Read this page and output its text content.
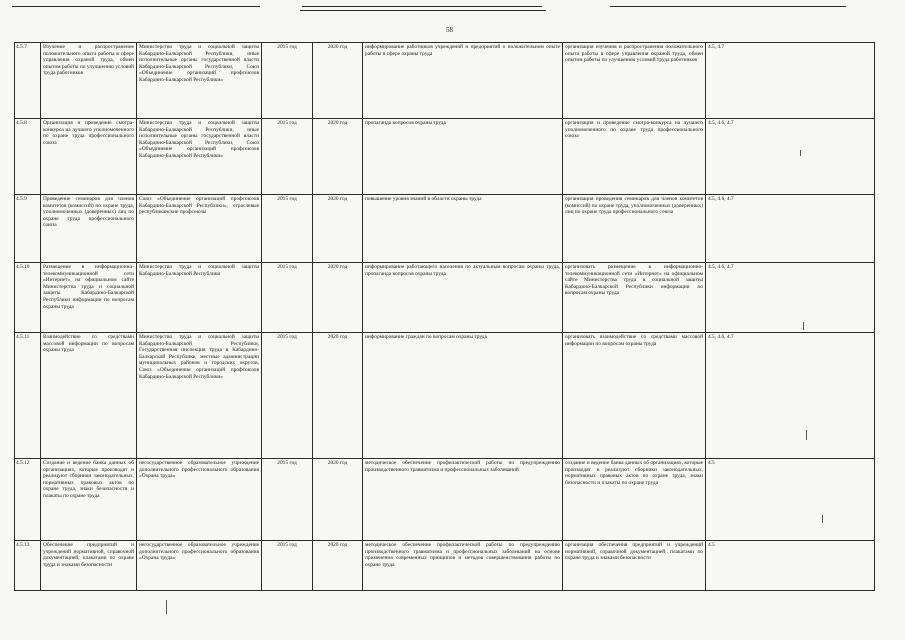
58
4.5.7	Изучение и распространение положительного опыта работы в сфере управления охраной труда, обмен опытом работы по улучшению условий труда работников	Министерство труда и социальной защиты Кабардино-Балкарской Республики, иные исполнительные органы государственной власти Кабардино-Балкарской Республики, Союз «Объединение организаций профсоюзов Кабардино-Балкарской Республики»	2015 год	2020 год	информирование работников учреждений и предприятий о положительном опыте работы в сфере охраны труда	организация изучения и распространения положительного опыта работы в сфере управления охраной труда, обмен опытом работы по улучшению условий труда работников	4.5, 4.7
4.5.8	Организация и проведение смотра-конкурса на лучшего уполномоченного по охране труда профессионального союза	Министерство труда и социальной защиты Кабардино-Балкарской Республики, иные исполнительные органы государственной власти Кабардино-Балкарской Республики, Союз «Объединение организаций профсоюзов Кабардино-Балкарской Республики»	2015 год	2020 год	пропаганда вопросов охраны труда	организация и проведение смотра-конкурса на лучшего уполномоченного по охране труда профессионального союза	4.5, 4.6, 4.7
4.5.9	Проведение семинаров для членов комитетов (комиссий) по охране труда, уполномоченных (доверенных) лиц по охране труда профессионального союза	Союз «Объединение организаций профсоюзов Кабардино-Балкарской Республики», отраслевые республиканские профсоюзы	2015 год	2020 год	повышение уровня знаний в области охраны труда	организация проведения семинаров для членов комитетов (комиссий) по охране труда, уполномоченных (доверенных) лиц по охране труда профессионального союза	4.5, 4.6, 4.7
4.5.10	Размещение в информационно-телекоммуникационной сети «Интернет» на официальном сайте Министерства труда и социальной защиты Кабардино-Балкарской Республики информации по вопросам охраны труда	Министерство труда и социальной защиты Кабардино-Балкарской Республики	2015 год	2020 год	информирование работающего населения по актуальным вопросам охраны труда, пропаганда вопросов охраны труда	организовать размещение в информационно-телекоммуникационной сети «Интернет» на официальном сайте Министерства труда и социальной защиты Кабардино-Балкарской Республики информации по вопросам охраны труда	4.5, 4.6, 4.7
4.5.11	Взаимодействие со средствами массовой информации по вопросам охраны труда	Министерство труда и социальной защиты Кабардино-Балкарской Республики, Государственная инспекция труда в Кабардино-Балкарской Республике, местные администрации муниципальных районов и городских округов, Союз «Объединение организаций профсоюзов Кабардино-Балкарской Республики»	2015 год	2020 год	информирование граждан по вопросам охраны труда	организовать взаимодействие со средствами массовой информации по вопросам охраны труда	4.5, 4.6, 4.7
4.5.12	Создание и ведение банка данных об организациях, которые производят и реализуют сборники законодательных, нормативных правовых актов по охране труда, знаки безопасности и плакаты по охране труда	негосударственное образовательное учреждение дополнительного профессионального образования «Охрана труда»	2015 год	2020 год	методическое обеспечение профилактической работы по предупреждению производственного травматизма и профессиональных заболеваний	создание и ведение банка данных об организациях, которые производят и реализуют сборники законодательных, нормативных правовых актов по охране труда, знаки безопасности и плакаты по охране труда	4.5
4.5.13	Обеспечение предприятий и учреждений нормативной, справочной документацией, плакатами по охране труда и знаками безопасности	негосударственное образовательное учреждение дополнительного профессионального образования «Охрана труда»	2015 год	2020 год	методическое обеспечение профилактической работы по предупреждению производственного травматизма и профессиональных заболеваний на основе применения современных принципов и методов совершенствования работы по охране труда	организация обеспечения предприятий и учреждений нормативной, справочной документацией, плакатами по охране труда и знаками безопасности	4.5
